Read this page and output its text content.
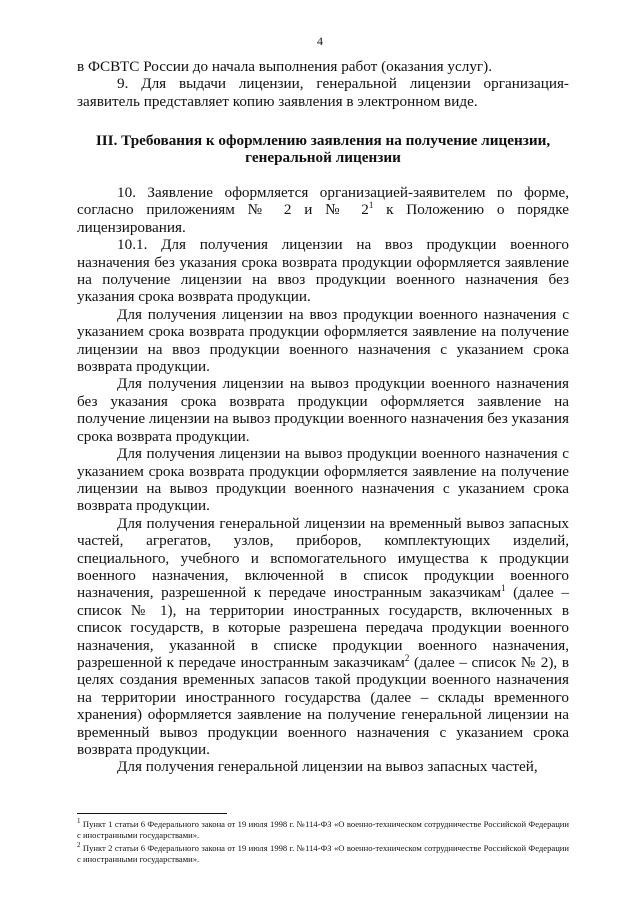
4

в ФСВТС России до начала выполнения работ (оказания услуг).

9. Для выдачи лицензии, генеральной лицензии организация-заявитель представляет копию заявления в электронном виде.

III. Требования к оформлению заявления на получение лицензии,
генеральной лицензии

10. Заявление оформляется организацией-заявителем по форме, согласно приложениям № 2 и № $2^1$ к Положению о порядке лицензирования.

10.1. Для получения лицензии на ввоз продукции военного назначения без указания срока возврата продукции оформляется заявление на получение лицензии на ввоз продукции военного назначения без указания срока возврата продукции.

Для получения лицензии на ввоз продукции военного назначения с указанием срока возврата продукции оформляется заявление на получение лицензии на ввоз продукции военного назначения с указанием срока возврата продукции.

Для получения лицензии на вывоз продукции военного назначения без указания срока возврата продукции оформляется заявление на получение лицензии на вывоз продукции военного назначения без указания срока возврата продукции.

Для получения лицензии на вывоз продукции военного назначения с указанием срока возврата продукции оформляется заявление на получение лицензии на вывоз продукции военного назначения с указанием срока возврата продукции.

Для получения генеральной лицензии на временный вывоз запасных частей, агрегатов, узлов, приборов, комплектующих изделий, специального, учебного и вспомогательного имущества к продукции военного назначения, включенной в список продукции военного назначения, разрешенной к передаче иностранным заказчикам$^1$ (далее – список № 1), на территории иностранных государств, включенных в список государств, в которые разрешена передача продукции военного назначения, указанной в списке продукции военного назначения, разрешенной к передаче иностранным заказчикам$^2$ (далее – список № 2), в целях создания временных запасов такой продукции военного назначения на территории иностранного государства (далее – склады временного хранения) оформляется заявление на получение генеральной лицензии на временный вывоз продукции военного назначения с указанием срока возврата продукции.

Для получения генеральной лицензии на вывоз запасных частей,

$^1$ Пункт 1 статьи 6 Федерального закона от 19 июля 1998 г. №114-ФЗ «О военно-техническом сотрудничестве Российской Федерации с иностранными государствами».

$^2$ Пункт 2 статьи 6 Федерального закона от 19 июля 1998 г. №114-ФЗ «О военно-техническом сотрудничестве Российской Федерации с иностранными государствами».
